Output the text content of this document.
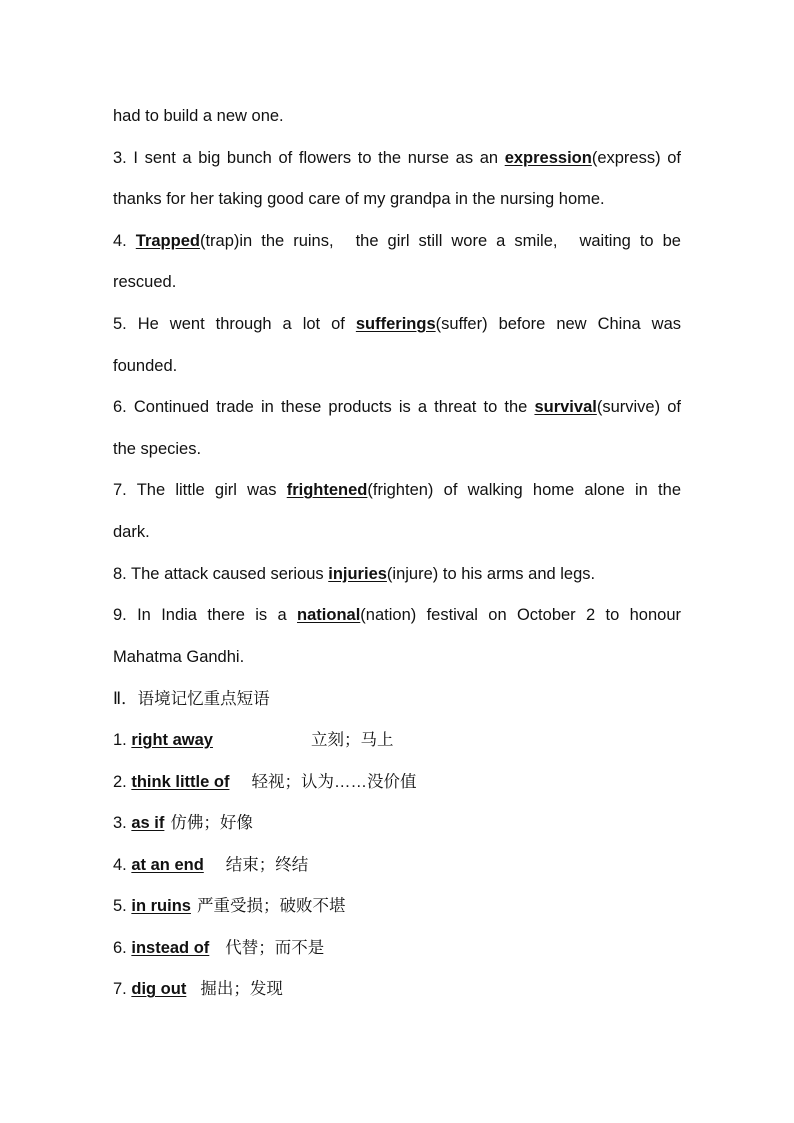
had to build a new one.
3. I sent a big bunch of flowers to the nurse as an expression(express) of
thanks for her taking good care of my grandpa in the nursing home.
4. Trapped(trap)in the ruins, the girl still wore a smile, waiting to be
rescued.
5. He went through a lot of sufferings(suffer) before new China was
founded.
6. Continued trade in these products is a threat to the survival(survive) of
the species.
7. The little girl was frightened(frighten) of walking home alone in the
dark.
8. The attack caused serious injuries(injure) to his arms and legs.
9. In India there is a national(nation) festival on October 2 to honour
Mahatma Gandhi.
Ⅱ．语境记忆重点短语
1. right away	立刻；马上
2. think little of 轻视；认为……没价值
3. as if 仿佛；好像
4. at an end 结束；终结
5. in ruins 严重受损；破败不堪
6. instead of 代替；而不是
7. dig out 掘出；发现
